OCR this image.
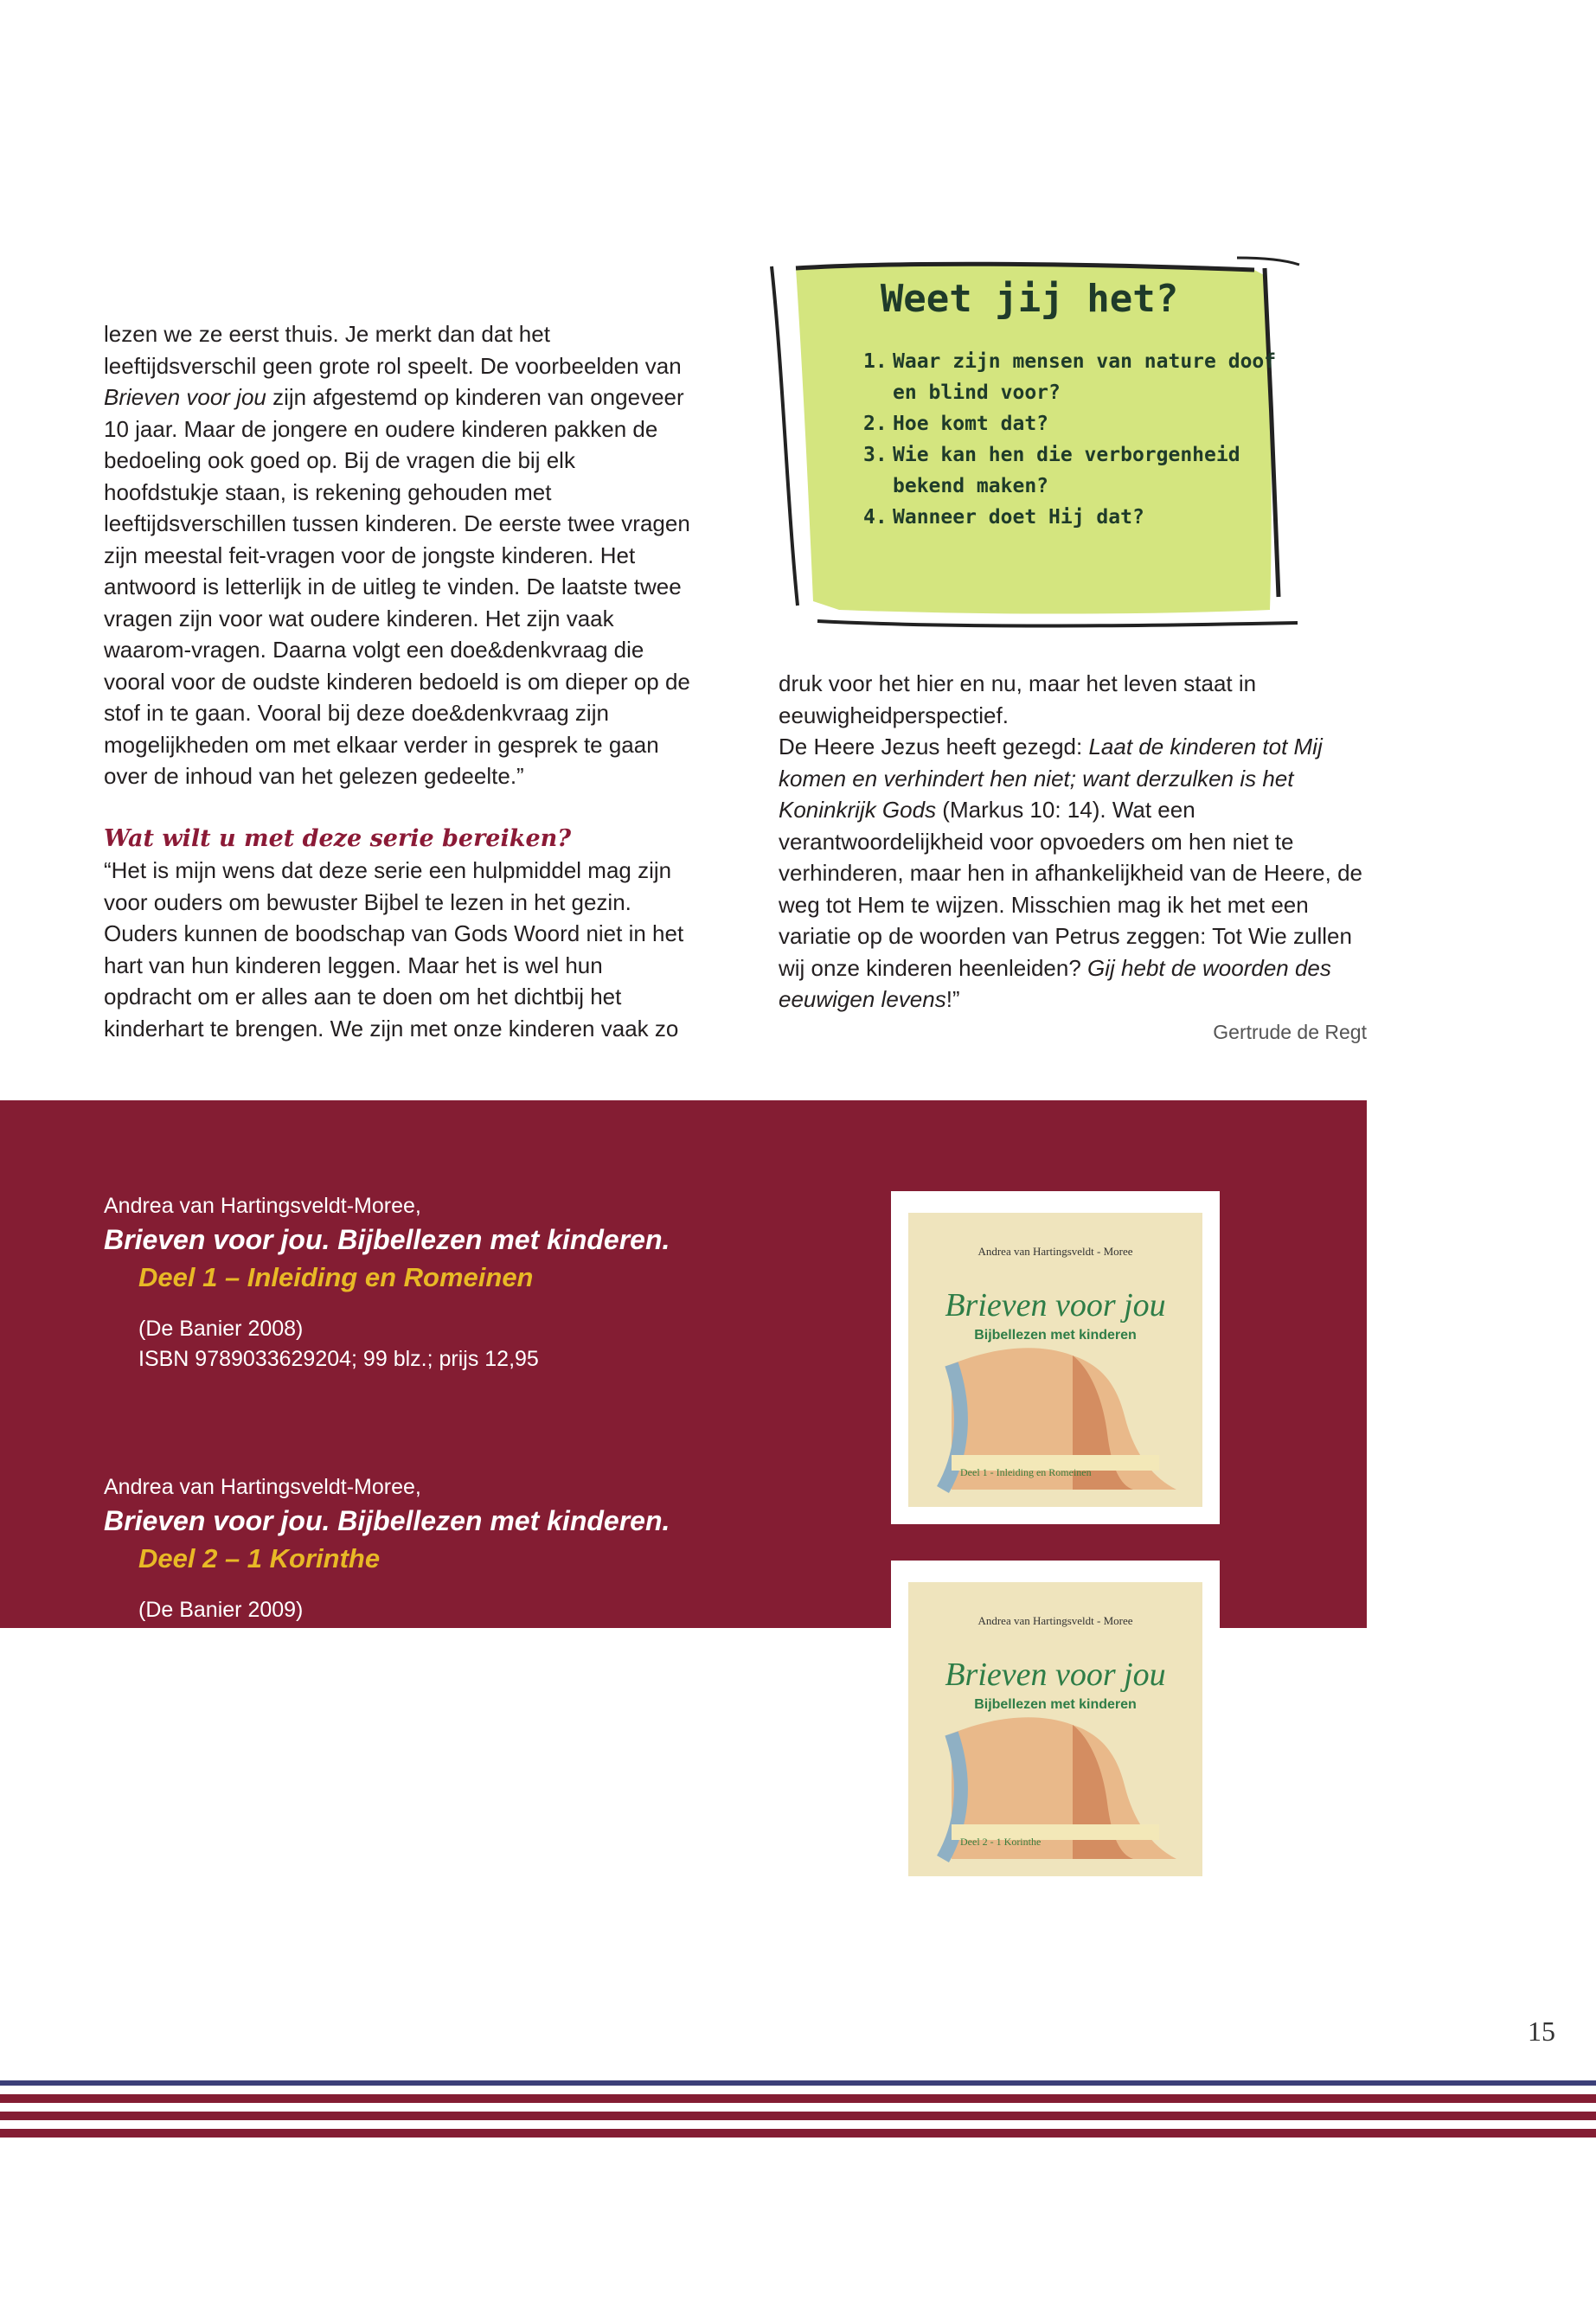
lezen we ze eerst thuis. Je merkt dan dat het leeftijdsverschil geen grote rol speelt. De voorbeelden van Brieven voor jou zijn afgestemd op kinderen van ongeveer 10 jaar. Maar de jongere en oudere kinderen pakken de bedoeling ook goed op. Bij de vragen die bij elk hoofdstukje staan, is rekening gehouden met leeftijdsverschillen tussen kinderen. De eerste twee vragen zijn meestal feit-vragen voor de jongste kinderen. Het antwoord is letterlijk in de uitleg te vinden. De laatste twee vragen zijn voor wat oudere kinderen. Het zijn vaak waarom-vragen. Daarna volgt een doe&denkvraag die vooral voor de oudste kinderen bedoeld is om dieper op de stof in te gaan. Vooral bij deze doe&denkvraag zijn mogelijkheden om met elkaar verder in gesprek te gaan over de inhoud van het gelezen gedeelte.”

Wat wilt u met deze serie bereiken?

“Het is mijn wens dat deze serie een hulpmiddel mag zijn voor ouders om bewuster Bijbel te lezen in het gezin. Ouders kunnen de boodschap van Gods Woord niet in het hart van hun kinderen leggen. Maar het is wel hun opdracht om er alles aan te doen om het dichtbij het kinderhart te brengen. We zijn met onze kinderen vaak zo

Weet jij het?
1. Waar zijn mensen van nature doof en blind voor?
2. Hoe komt dat?
3. Wie kan hen die verborgenheid bekend maken?
4. Wanneer doet Hij dat?

druk voor het hier en nu, maar het leven staat in eeuwigheidperspectief.

De Heere Jezus heeft gezegd: Laat de kinderen tot Mij komen en verhindert hen niet; want derzulken is het Koninkrijk Gods (Markus 10: 14). Wat een verantwoordelijkheid voor opvoeders om hen niet te verhinderen, maar hen in afhankelijkheid van de Heere, de weg tot Hem te wijzen. Misschien mag ik het met een variatie op de woorden van Petrus zeggen: Tot Wie zullen wij onze kinderen heenleiden? Gij hebt de woorden des eeuwigen levens!”

Gertrude de Regt
Andrea van Hartingsveldt-Moree,
Brieven voor jou. Bijbellezen met kinderen.
Deel 1 – Inleiding en Romeinen
(De Banier 2008)
ISBN 9789033629204; 99 blz.; prijs 12,95
Andrea van Hartingsveldt-Moree,
Brieven voor jou. Bijbellezen met kinderen.
Deel 2 – 1 Korinthe
(De Banier 2009)
ISBN 9789033629549; 101 blz.; prijs 12,95
De serie Brieven voor jou biedt ouders en opvoeders handvatten om met kinderen uitvoeriger bij het gelezen Bijbelgedeelte stil te staan. Bij ieder gedeelte hoort een stukje uitleg, een paar vragen, een denk & doevraag en een psalm. Leeftijdsindicatie: vanaf ongeveer 8 jaar.
Andrea van Hartingsveldt - Moree
Brieven voor jou
Bijbellezen met kinderen
Deel 1 - Inleiding en Romeinen
Andrea van Hartingsveldt - Moree
Brieven voor jou
Bijbellezen met kinderen
Deel 2 - 1 Korinthe
15
